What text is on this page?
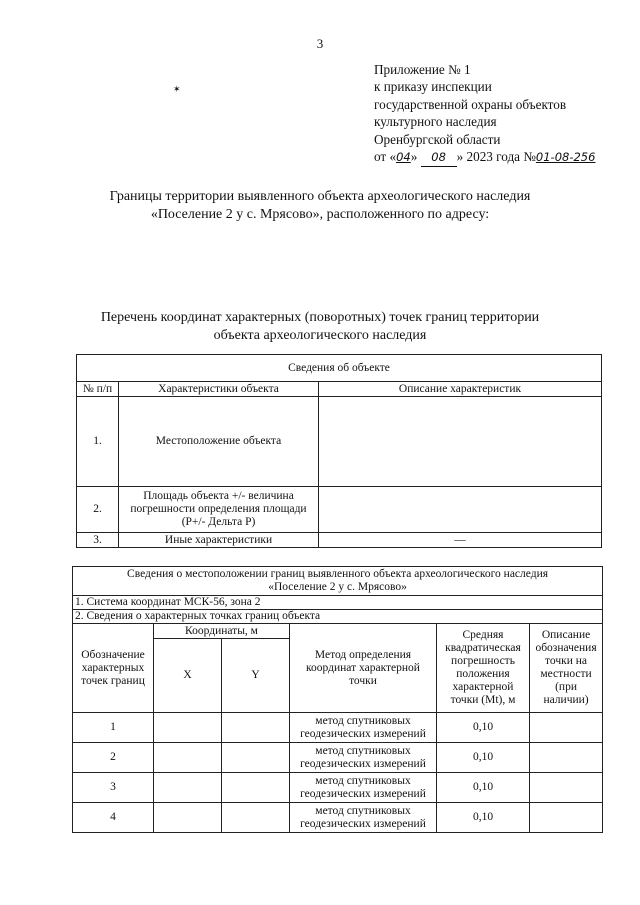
3
✶
Приложение № 1
к приказу инспекции
государственной охраны объектов
культурного наследия
Оренбургской области
от «04» 08 » 2023 года №01-08-256
Границы территории выявленного объекта археологического наследия
«Поселение 2 у с. Мрясово», расположенного по адресу:
Перечень координат характерных (поворотных) точек границ территории
объекта археологического наследия
Сведения об объекте		
№ п/п	Характеристики объекта	Описание характеристик
1.	Местоположение объекта	
2.	Площадь объекта +/- величина погрешности определения площади (P+/- Дельта P)	
3.	Иные характеристики	—
Сведения о местоположении границ выявленного объекта археологического наследия
«Поселение 2 у с. Мрясово»					

1. Система координат МСК-56, зона 2					
2. Сведения о характерных точках границ объекта					
Обозначение характерных точек границ	Координаты, м		Метод определения координат характерной точки	Средняя квадратическая погрешность положения характерной точки (Mt), м	Описание обозначения точки на местности (при наличии)
	X	Y			
1			метод спутниковых геодезических измерений	0,10	
2			метод спутниковых геодезических измерений	0,10	
3			метод спутниковых геодезических измерений	0,10	
4			метод спутниковых геодезических измерений	0,10	
